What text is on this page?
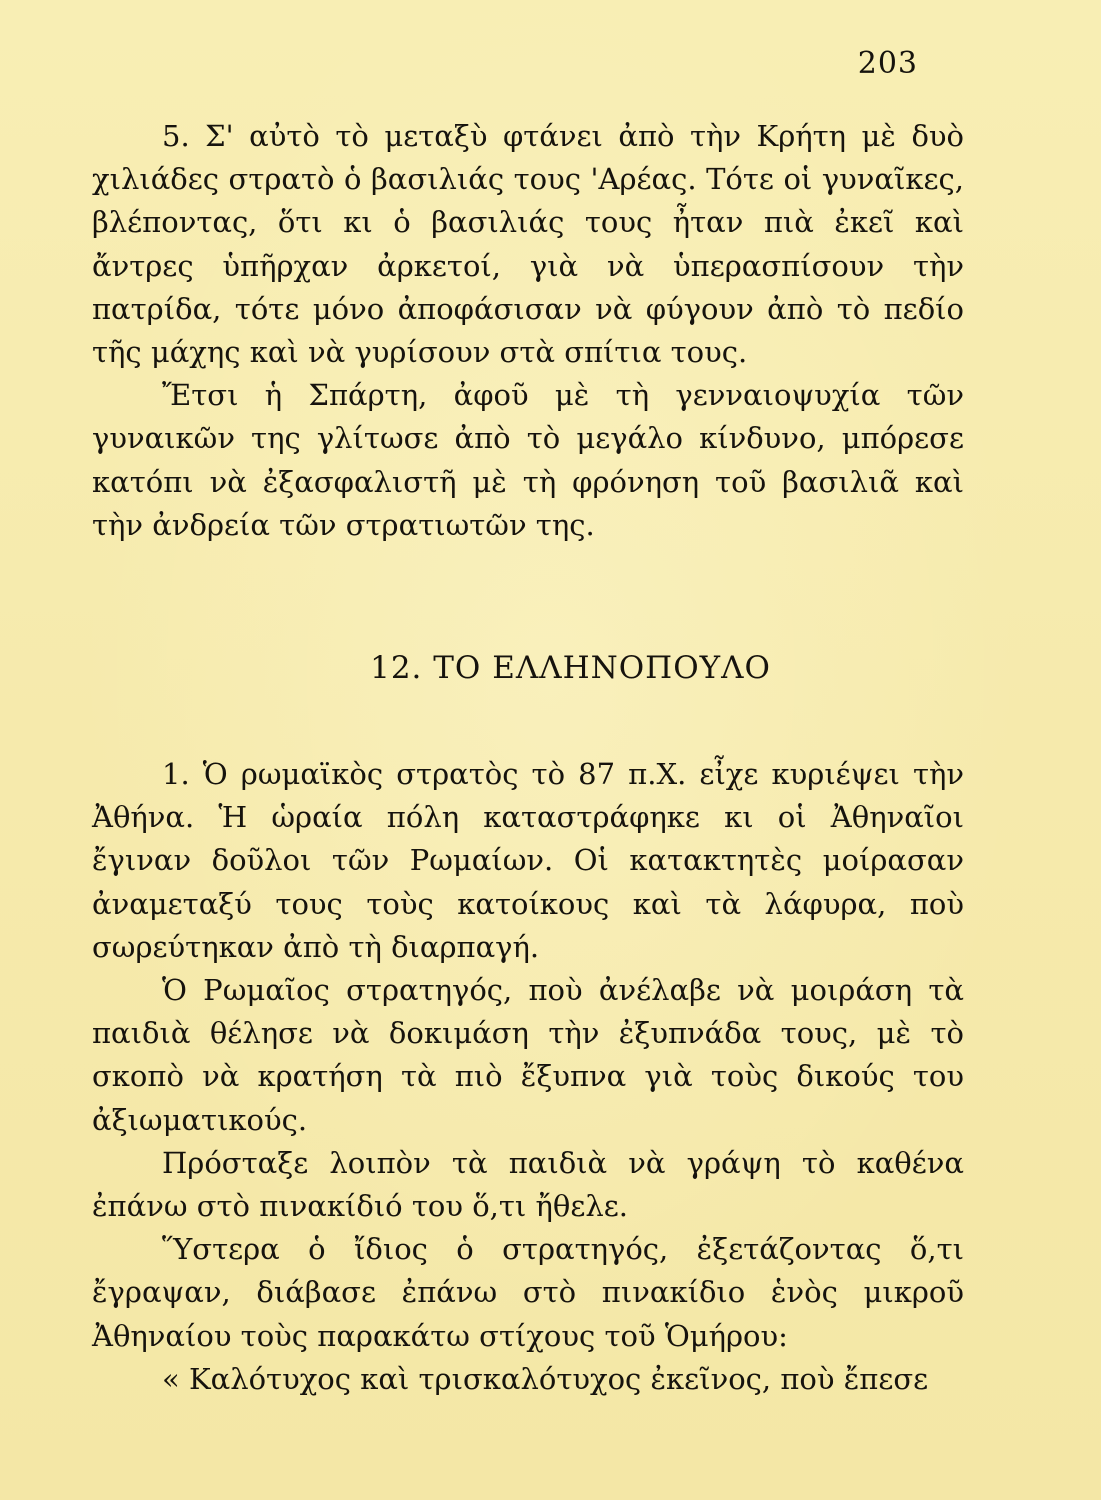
203

5. Σ' αὐτὸ τὸ μεταξὺ φτάνει ἀπὸ τὴν Κρήτη μὲ δυὸ χιλιάδες στρατὸ ὁ βασιλιάς τους 'Αρέας. Τότε οἱ γυναῖκες, βλέποντας, ὅτι κι ὁ βασιλιάς τους ἦταν πιὰ ἐκεῖ καὶ ἄντρες ὑπῆρχαν ἀρκετοί, γιὰ νὰ ὑπερασπίσουν τὴν πατρίδα, τότε μόνο ἀποφάσισαν νὰ φύγουν ἀπὸ τὸ πεδίο τῆς μάχης καὶ νὰ γυρίσουν στὰ σπίτια τους.

Ἔτσι ἡ Σπάρτη, ἀφοῦ μὲ τὴ γενναιοψυχία τῶν γυναικῶν της γλίτωσε ἀπὸ τὸ μεγάλο κίνδυνο, μπόρεσε κατόπι νὰ ἐξασφαλιστῆ μὲ τὴ φρόνηση τοῦ βασιλιᾶ καὶ τὴν ἀνδρεία τῶν στρατιωτῶν της.

12. ΤΟ ΕΛΛΗΝΟΠΟΥΛΟ

1. Ὁ ρωμαϊκὸς στρατὸς τὸ 87 π.Χ. εἶχε κυριέψει τὴν Ἀθήνα. Ἡ ὡραία πόλη καταστράφηκε κι οἱ Ἀθηναῖοι ἔγιναν δοῦλοι τῶν Ρωμαίων. Οἱ κατακτητὲς μοίρασαν ἀναμεταξύ τους τοὺς κατοίκους καὶ τὰ λάφυρα, ποὺ σωρεύτηκαν ἀπὸ τὴ διαρπαγή.

Ὁ Ρωμαῖος στρατηγός, ποὺ ἀνέλαβε νὰ μοιράση τὰ παιδιὰ θέλησε νὰ δοκιμάση τὴν ἐξυπνάδα τους, μὲ τὸ σκοπὸ νὰ κρατήση τὰ πιὸ ἔξυπνα γιὰ τοὺς δικούς του ἀξιωματικούς.

Πρόσταξε λοιπὸν τὰ παιδιὰ νὰ γράψη τὸ καθένα ἐπάνω στὸ πινακίδιό του ὅ,τι ἤθελε.

Ὕστερα ὁ ἴδιος ὁ στρατηγός, ἐξετάζοντας ὅ,τι ἔγραψαν, διάβασε ἐπάνω στὸ πινακίδιο ἑνὸς μικροῦ Ἀθηναίου τοὺς παρακάτω στίχους τοῦ Ὁμήρου:

« Καλότυχος καὶ τρισκαλότυχος ἐκεῖνος, ποὺ ἔπεσε
